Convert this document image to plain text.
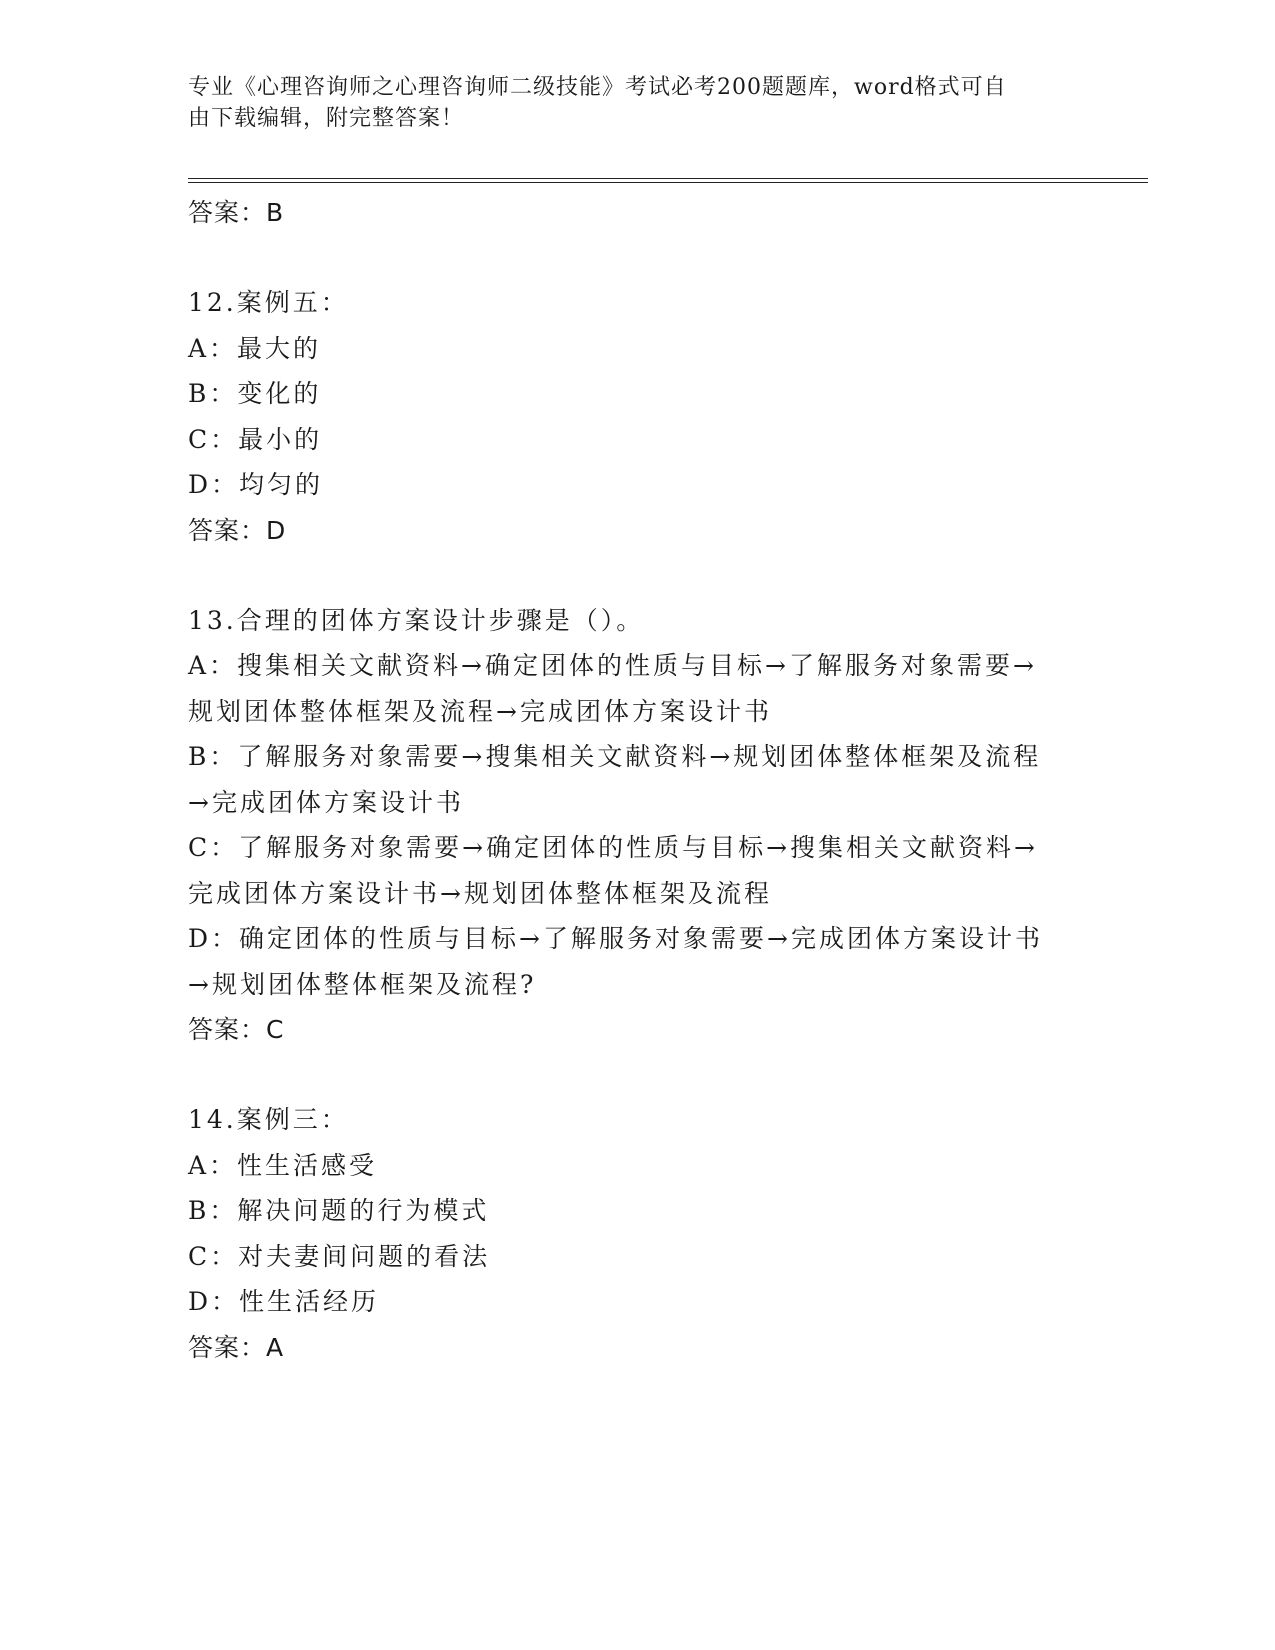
专业《心理咨询师之心理咨询师二级技能》考试必考200题题库，word格式可自
由下载编辑，附完整答案！
答案：B
12.案例五：
A：最大的
B：变化的
C：最小的
D：均匀的
答案：D
13.合理的团体方案设计步骤是（）。
A：搜集相关文献资料→确定团体的性质与目标→了解服务对象需要→
规划团体整体框架及流程→完成团体方案设计书
B：了解服务对象需要→搜集相关文献资料→规划团体整体框架及流程
→完成团体方案设计书
C：了解服务对象需要→确定团体的性质与目标→搜集相关文献资料→
完成团体方案设计书→规划团体整体框架及流程
D：确定团体的性质与目标→了解服务对象需要→完成团体方案设计书
→规划团体整体框架及流程?
答案：C
14.案例三：
A：性生活感受
B：解决问题的行为模式
C：对夫妻间问题的看法
D：性生活经历
答案：A
